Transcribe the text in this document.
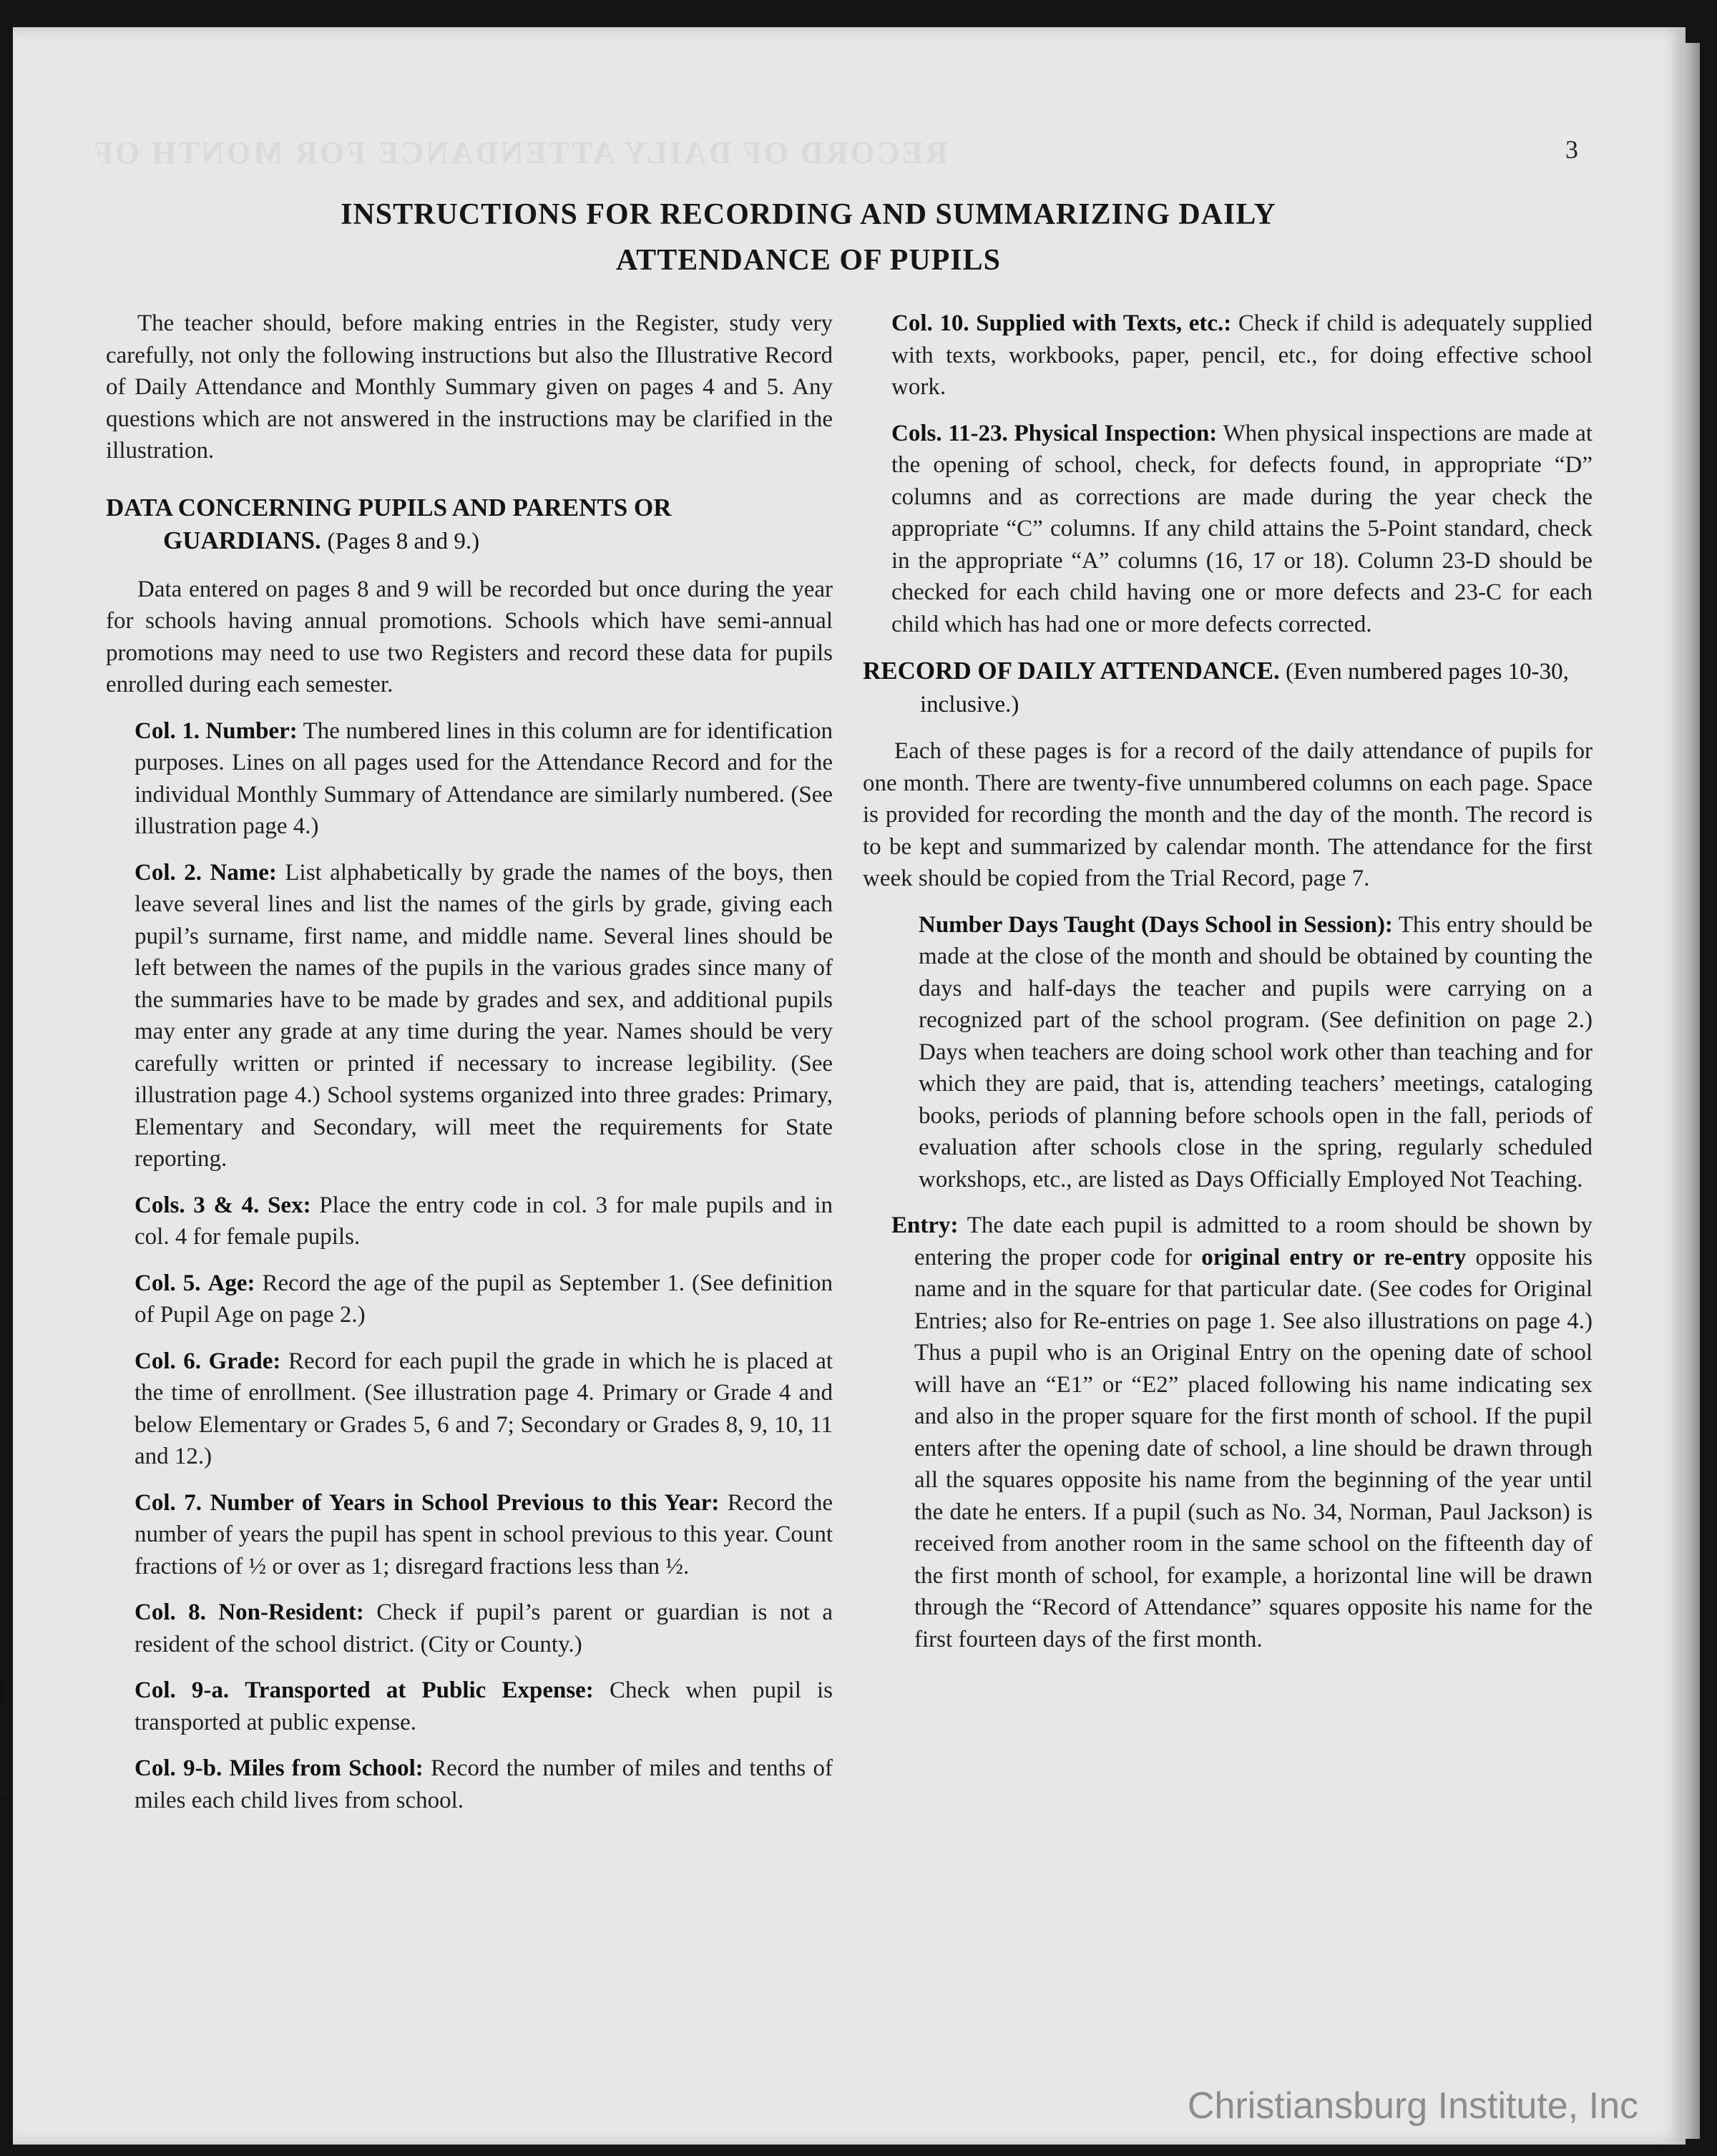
RECORD OF DAILY ATTENDANCE FOR MONTH OF	3
INSTRUCTIONS FOR RECORDING AND SUMMARIZING DAILY
ATTENDANCE OF PUPILS

The teacher should, before making entries in the Register, study very carefully, not only the following instructions but also the Illustrative Record of Daily Attendance and Monthly Summary given on pages 4 and 5. Any questions which are not answered in the instructions may be clarified in the illustration.

DATA CONCERNING PUPILS AND PARENTS OR GUARDIANS. (Pages 8 and 9.)

Data entered on pages 8 and 9 will be recorded but once during the year for schools having annual promotions. Schools which have semi-annual promotions may need to use two Registers and record these data for pupils enrolled during each semester.

Col. 1. Number: The numbered lines in this column are for identification purposes. Lines on all pages used for the Attendance Record and for the individual Monthly Summary of Attendance are similarly numbered. (See illustration page 4.)

Col. 2. Name: List alphabetically by grade the names of the boys, then leave several lines and list the names of the girls by grade, giving each pupil’s surname, first name, and middle name. Several lines should be left between the names of the pupils in the various grades since many of the summaries have to be made by grades and sex, and additional pupils may enter any grade at any time during the year. Names should be very carefully written or printed if necessary to increase legibility. (See illustration page 4.) School systems organized into three grades: Primary, Elementary and Secondary, will meet the requirements for State reporting.

Cols. 3 & 4. Sex: Place the entry code in col. 3 for male pupils and in col. 4 for female pupils.

Col. 5. Age: Record the age of the pupil as September 1. (See definition of Pupil Age on page 2.)

Col. 6. Grade: Record for each pupil the grade in which he is placed at the time of enrollment. (See illustration page 4. Primary or Grade 4 and below Elementary or Grades 5, 6 and 7; Secondary or Grades 8, 9, 10, 11 and 12.)

Col. 7. Number of Years in School Previous to this Year: Record the number of years the pupil has spent in school previous to this year. Count fractions of ½ or over as 1; disregard fractions less than ½.

Col. 8. Non-Resident: Check if pupil’s parent or guardian is not a resident of the school district. (City or County.)

Col. 9-a. Transported at Public Expense: Check when pupil is transported at public expense.

Col. 9-b. Miles from School: Record the number of miles and tenths of miles each child lives from school.

Col. 10. Supplied with Texts, etc.: Check if child is adequately supplied with texts, workbooks, paper, pencil, etc., for doing effective school work.

Cols. 11-23. Physical Inspection: When physical inspections are made at the opening of school, check, for defects found, in appropriate “D” columns and as corrections are made during the year check the appropriate “C” columns. If any child attains the 5-Point standard, check in the appropriate “A” columns (16, 17 or 18). Column 23-D should be checked for each child having one or more defects and 23-C for each child which has had one or more defects corrected.

RECORD OF DAILY ATTENDANCE. (Even numbered pages 10-30, inclusive.)

Each of these pages is for a record of the daily attendance of pupils for one month. There are twenty-five unnumbered columns on each page. Space is provided for recording the month and the day of the month. The record is to be kept and summarized by calendar month. The attendance for the first week should be copied from the Trial Record, page 7.

Number Days Taught (Days School in Session): This entry should be made at the close of the month and should be obtained by counting the days and half-days the teacher and pupils were carrying on a recognized part of the school program. (See definition on page 2.) Days when teachers are doing school work other than teaching and for which they are paid, that is, attending teachers’ meetings, cataloging books, periods of planning before schools open in the fall, periods of evaluation after schools close in the spring, regularly scheduled workshops, etc., are listed as Days Officially Employed Not Teaching.

Entry: The date each pupil is admitted to a room should be shown by entering the proper code for original entry or re-entry opposite his name and in the square for that particular date. (See codes for Original Entries; also for Re-entries on page 1. See also illustrations on page 4.) Thus a pupil who is an Original Entry on the opening date of school will have an “E1” or “E2” placed following his name indicating sex and also in the proper square for the first month of school. If the pupil enters after the opening date of school, a line should be drawn through all the squares opposite his name from the beginning of the year until the date he enters. If a pupil (such as No. 34, Norman, Paul Jackson) is received from another room in the same school on the fifteenth day of the first month of school, for example, a horizontal line will be drawn through the “Record of Attendance” squares opposite his name for the first fourteen days of the first month.

Christiansburg Institute, Inc
